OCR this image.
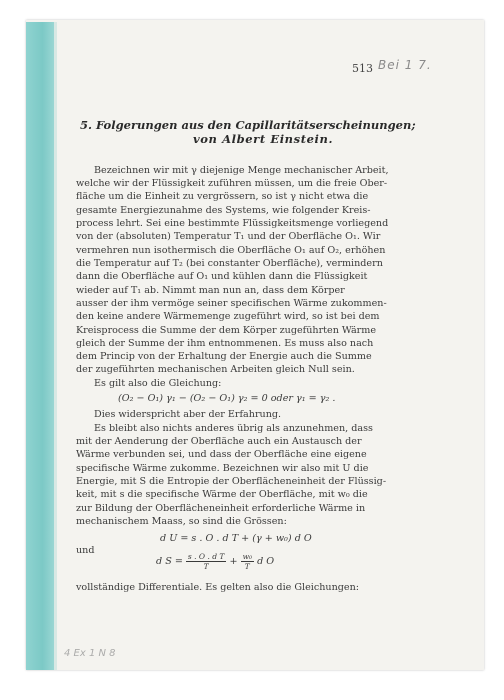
513 Bei 1 7.
5. Folgerungen aus den Capillaritätserscheinungen;
von Albert Einstein.
Bezeichnen wir mit γ diejenige Menge mechanischer Arbeit,
welche wir der Flüssigkeit zuführen müssen, um die freie Ober-
fläche um die Einheit zu vergrössern, so ist γ nicht etwa die
gesamte Energiezunahme des Systems, wie folgender Kreis-
process lehrt. Sei eine bestimmte Flüssigkeitsmenge vorliegend
von der (absoluten) Temperatur T₁ und der Oberfläche O₁. Wir
vermehren nun isothermisch die Oberfläche O₁ auf O₂, erhöhen
die Temperatur auf T₂ (bei constanter Oberfläche), vermindern
dann die Oberfläche auf O₁ und kühlen dann die Flüssigkeit
wieder auf T₁ ab. Nimmt man nun an, dass dem Körper
ausser der ihm vermöge seiner specifischen Wärme zukommen-
den keine andere Wärmemenge zugeführt wird, so ist bei dem
Kreisprocess die Summe der dem Körper zugeführten Wärme
gleich der Summe der ihm entnommenen. Es muss also nach
dem Princip von der Erhaltung der Energie auch die Summe
der zugeführten mechanischen Arbeiten gleich Null sein.
Es gilt also die Gleichung:
(O₂ − O₁) γ₁ − (O₂ − O₁) γ₂ = 0 oder γ₁ = γ₂ .
Dies widerspricht aber der Erfahrung.
Es bleibt also nichts anderes übrig als anzunehmen, dass
mit der Aenderung der Oberfläche auch ein Austausch der
Wärme verbunden sei, und dass der Oberfläche eine eigene
specifische Wärme zukomme. Bezeichnen wir also mit U die
Energie, mit S die Entropie der Oberflächeneinheit der Flüssig-
keit, mit s die specifische Wärme der Oberfläche, mit w₀ die
zur Bildung der Oberflächeneinheit erforderliche Wärme in
mechanischem Maass, so sind die Grössen:
d U = s . O . d T + (γ + w₀) d O
und
d $S = \frac{\text{s . O . d T}}{T} + \frac{\text{w₀}}{T}$ d O
vollständige Differentiale. Es gelten also die Gleichungen:
4 Ex 1 N 8
